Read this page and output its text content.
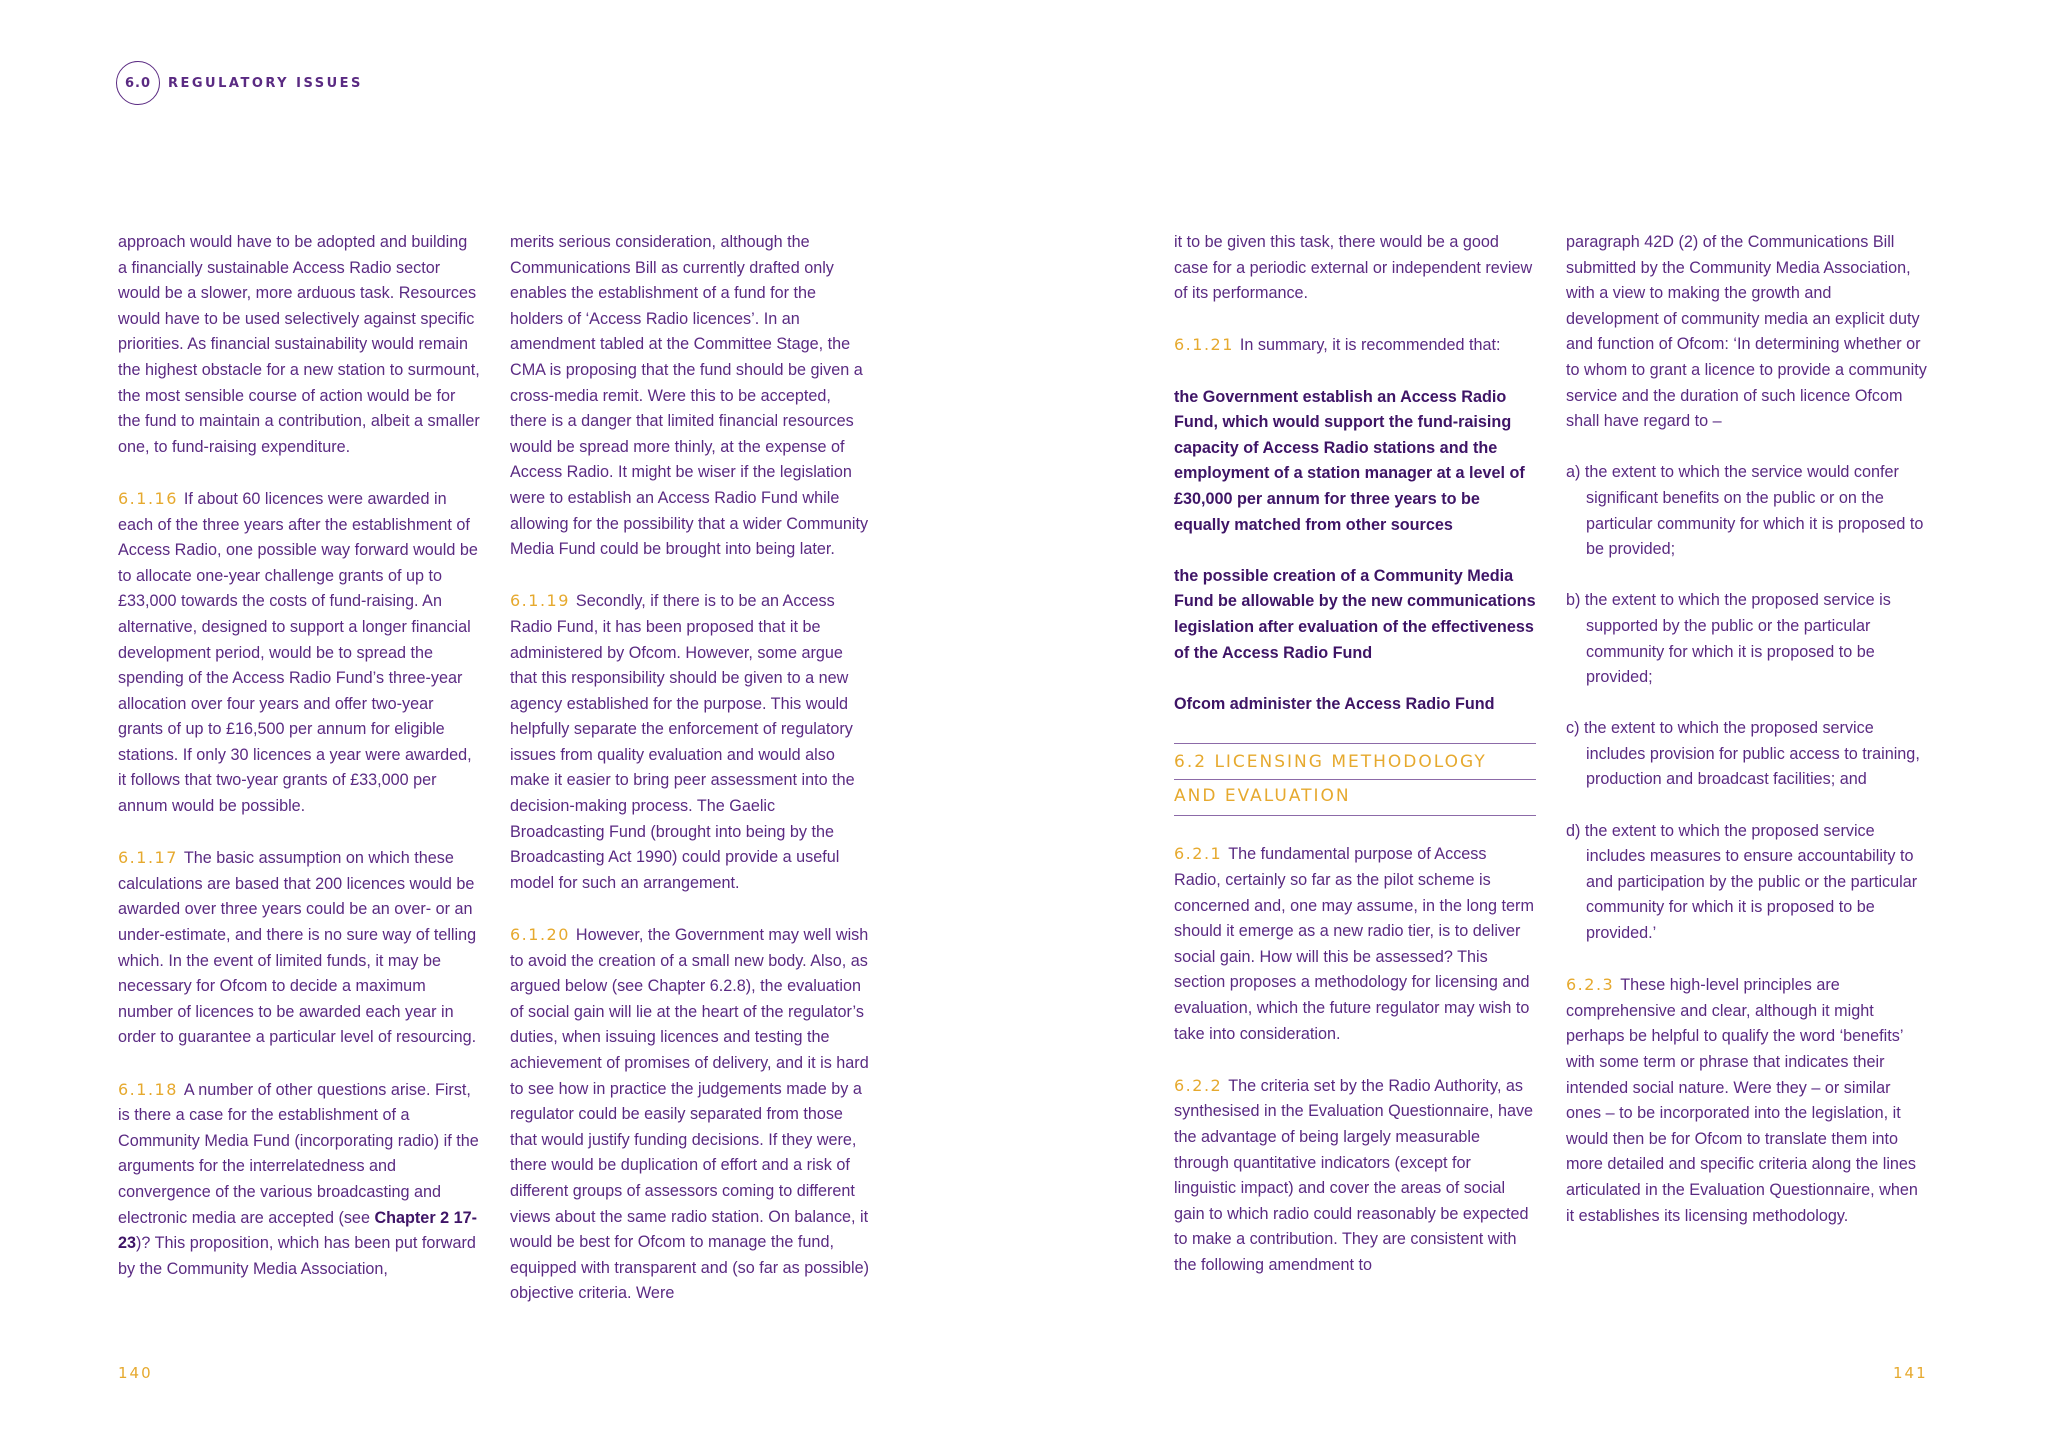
6.0	REGULATORY ISSUES

approach would have to be adopted and building a financially sustainable Access Radio sector would be a slower, more arduous task. Resources would have to be used selectively against specific priorities. As financial sustainability would remain the highest obstacle for a new station to surmount, the most sensible course of action would be for the fund to maintain a contribution, albeit a smaller one, to fund-raising expenditure.

6.1.16 If about 60 licences were awarded in each of the three years after the establishment of Access Radio, one possible way forward would be to allocate one-year challenge grants of up to £33,000 towards the costs of fund-raising. An alternative, designed to support a longer financial development period, would be to spread the spending of the Access Radio Fund’s three-year allocation over four years and offer two-year grants of up to £16,500 per annum for eligible stations. If only 30 licences a year were awarded, it follows that two-year grants of £33,000 per annum would be possible.

6.1.17 The basic assumption on which these calculations are based that 200 licences would be awarded over three years could be an over- or an under-estimate, and there is no sure way of telling which. In the event of limited funds, it may be necessary for Ofcom to decide a maximum number of licences to be awarded each year in order to guarantee a particular level of resourcing.

6.1.18 A number of other questions arise. First, is there a case for the establishment of a Community Media Fund (incorporating radio) if the arguments for the interrelatedness and convergence of the various broadcasting and electronic media are accepted (see Chapter 2 17-23)? This proposition, which has been put forward by the Community Media Association,

merits serious consideration, although the Communications Bill as currently drafted only enables the establishment of a fund for the holders of ‘Access Radio licences’. In an amendment tabled at the Committee Stage, the CMA is proposing that the fund should be given a cross-media remit. Were this to be accepted, there is a danger that limited financial resources would be spread more thinly, at the expense of Access Radio. It might be wiser if the legislation were to establish an Access Radio Fund while allowing for the possibility that a wider Community Media Fund could be brought into being later.

6.1.19 Secondly, if there is to be an Access Radio Fund, it has been proposed that it be administered by Ofcom. However, some argue that this responsibility should be given to a new agency established for the purpose. This would helpfully separate the enforcement of regulatory issues from quality evaluation and would also make it easier to bring peer assessment into the decision-making process. The Gaelic Broadcasting Fund (brought into being by the Broadcasting Act 1990) could provide a useful model for such an arrangement.

6.1.20 However, the Government may well wish to avoid the creation of a small new body. Also, as argued below (see Chapter 6.2.8), the evaluation of social gain will lie at the heart of the regulator’s duties, when issuing licences and testing the achievement of promises of delivery, and it is hard to see how in practice the judgements made by a regulator could be easily separated from those that would justify funding decisions. If they were, there would be duplication of effort and a risk of different groups of assessors coming to different views about the same radio station. On balance, it would be best for Ofcom to manage the fund, equipped with transparent and (so far as possible) objective criteria. Were

it to be given this task, there would be a good case for a periodic external or independent review of its performance.

6.1.21 In summary, it is recommended that:

the Government establish an Access Radio Fund, which would support the fund-raising capacity of Access Radio stations and the employment of a station manager at a level of £30,000 per annum for three years to be equally matched from other sources

the possible creation of a Community Media Fund be allowable by the new communications legislation after evaluation of the effectiveness of the Access Radio Fund

Ofcom administer the Access Radio Fund

6.2 LICENSING METHODOLOGY
AND EVALUATION

6.2.1 The fundamental purpose of Access Radio, certainly so far as the pilot scheme is concerned and, one may assume, in the long term should it emerge as a new radio tier, is to deliver social gain. How will this be assessed? This section proposes a methodology for licensing and evaluation, which the future regulator may wish to take into consideration.

6.2.2 The criteria set by the Radio Authority, as synthesised in the Evaluation Questionnaire, have the advantage of being largely measurable through quantitative indicators (except for linguistic impact) and cover the areas of social gain to which radio could reasonably be expected to make a contribution. They are consistent with the following amendment to

paragraph 42D (2) of the Communications Bill submitted by the Community Media Association, with a view to making the growth and development of community media an explicit duty and function of Ofcom: ‘In determining whether or to whom to grant a licence to provide a community service and the duration of such licence Ofcom shall have regard to –

a) the extent to which the service would confer significant benefits on the public or on the particular community for which it is proposed to be provided;

b) the extent to which the proposed service is supported by the public or the particular community for which it is proposed to be provided;

c) the extent to which the proposed service includes provision for public access to training, production and broadcast facilities; and

d) the extent to which the proposed service includes measures to ensure accountability to and participation by the public or the particular community for which it is proposed to be provided.’

6.2.3 These high-level principles are comprehensive and clear, although it might perhaps be helpful to qualify the word ‘benefits’ with some term or phrase that indicates their intended social nature. Were they – or similar ones – to be incorporated into the legislation, it would then be for Ofcom to translate them into more detailed and specific criteria along the lines articulated in the Evaluation Questionnaire, when it establishes its licensing methodology.

140	141
